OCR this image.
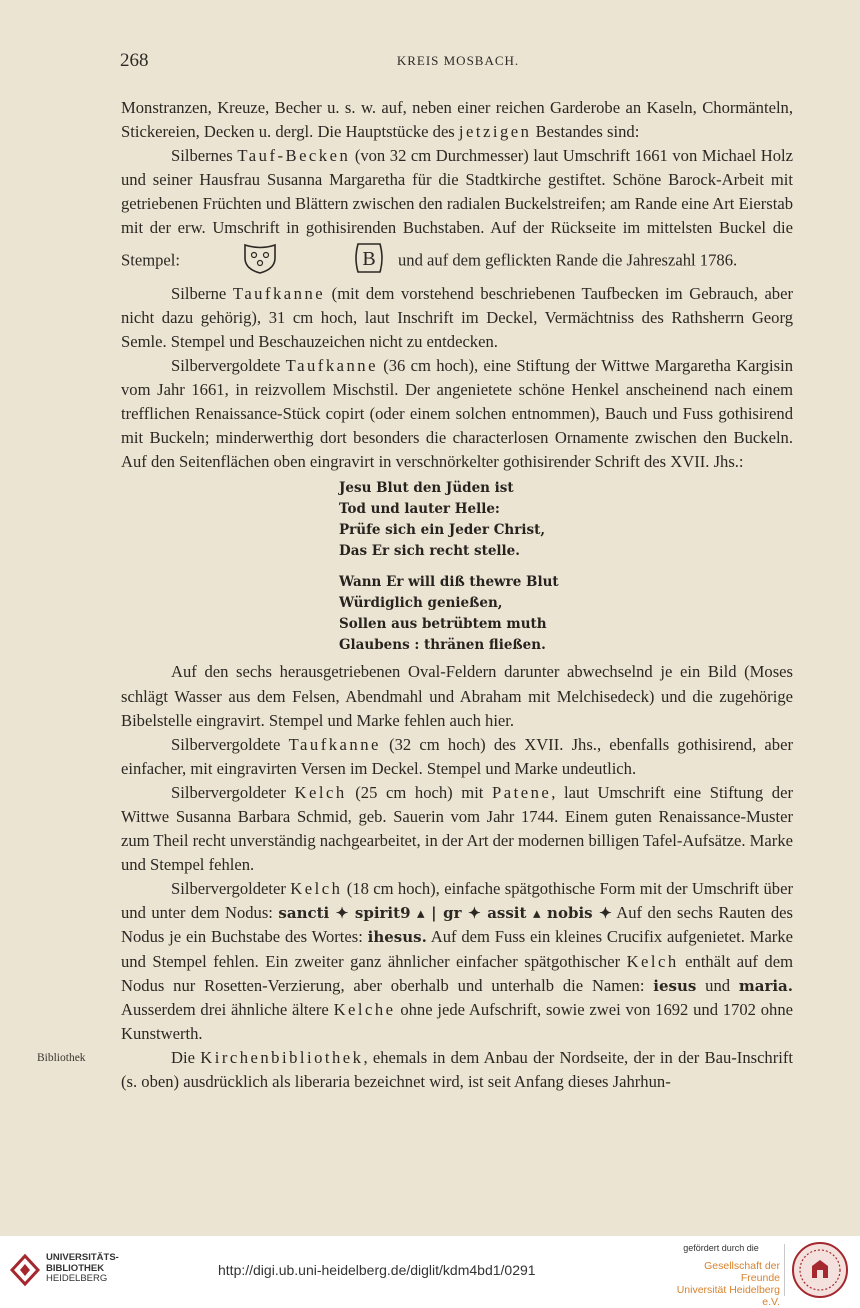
268	KREIS MOSBACH.

Monstranzen, Kreuze, Becher u. s. w. auf, neben einer reichen Garderobe an Kaseln, Chormänteln, Stickereien, Decken u. dergl. Die Hauptstücke des jetzigen Bestandes sind:

Silbernes Tauf-Becken (von 32 cm Durchmesser) laut Umschrift 1661 von Michael Holz und seiner Hausfrau Susanna Margaretha für die Stadtkirche gestiftet. Schöne Barock-Arbeit mit getriebenen Früchten und Blättern zwischen den radialen Buckelstreifen; am Rande eine Art Eierstab mit der erw. Umschrift in gothisirenden Buchstaben. Auf der Rückseite im mittelsten Buckel die Stempel:	B und auf dem geflickten Rande die Jahreszahl 1786.

Silberne Taufkanne (mit dem vorstehend beschriebenen Taufbecken im Gebrauch, aber nicht dazu gehörig), 31 cm hoch, laut Inschrift im Deckel, Vermächtniss des Rathsherrn Georg Semle. Stempel und Beschauzeichen nicht zu entdecken.

Silbervergoldete Taufkanne (36 cm hoch), eine Stiftung der Wittwe Margaretha Kargisin vom Jahr 1661, in reizvollem Mischstil. Der angenietete schöne Henkel anscheinend nach einem trefflichen Renaissance-Stück copirt (oder einem solchen entnommen), Bauch und Fuss gothisirend mit Buckeln; minderwerthig dort besonders die characterlosen Ornamente zwischen den Buckeln. Auf den Seitenflächen oben eingravirt in verschnörkelter gothisirender Schrift des XVII. Jhs.:

Jesu Blut den Jüden ist
Tod und lauter Helle:
Prüfe sich ein Jeder Christ,
Das Er sich recht stelle.
Wann Er will diß thewre Blut
Würdiglich genießen,
Sollen aus betrübtem muth
Glaubens : thränen fließen.

Auf den sechs herausgetriebenen Oval-Feldern darunter abwechselnd je ein Bild (Moses schlägt Wasser aus dem Felsen, Abendmahl und Abraham mit Melchisedeck) und die zugehörige Bibelstelle eingravirt. Stempel und Marke fehlen auch hier.

Silbervergoldete Taufkanne (32 cm hoch) des XVII. Jhs., ebenfalls gothisirend, aber einfacher, mit eingravirten Versen im Deckel. Stempel und Marke undeutlich.

Silbervergoldeter Kelch (25 cm hoch) mit Patene, laut Umschrift eine Stiftung der Wittwe Susanna Barbara Schmid, geb. Sauerin vom Jahr 1744. Einem guten Renaissance-Muster zum Theil recht unverständig nachgearbeitet, in der Art der modernen billigen Tafel-Aufsätze. Marke und Stempel fehlen.

Silbervergoldeter Kelch (18 cm hoch), einfache spätgothische Form mit der Umschrift über und unter dem Nodus: sancti ✦ spirit9 ▴ | gr ✦ assit ▴ nobis ✦ Auf den sechs Rauten des Nodus je ein Buchstabe des Wortes: ihesus. Auf dem Fuss ein kleines Crucifix aufgenietet. Marke und Stempel fehlen. Ein zweiter ganz ähnlicher einfacher spätgothischer Kelch enthält auf dem Nodus nur Rosetten-Verzierung, aber oberhalb und unterhalb die Namen: iesus und maria. Ausserdem drei ähnliche ältere Kelche ohne jede Aufschrift, sowie zwei von 1692 und 1702 ohne Kunstwerth.

Die Kirchenbibliothek, ehemals in dem Anbau der Nordseite, der in der Bau-Inschrift (s. oben) ausdrücklich als liberaria bezeichnet wird, ist seit Anfang dieses Jahrhun-

Bibliothek
UNIVERSITÄTS-
BIBLIOTHEK
HEIDELBERG
http://digi.ub.uni-heidelberg.de/diglit/kdm4bd1/0291
gefördert durch die
Gesellschaft der Freunde
Universität Heidelberg e.V.
